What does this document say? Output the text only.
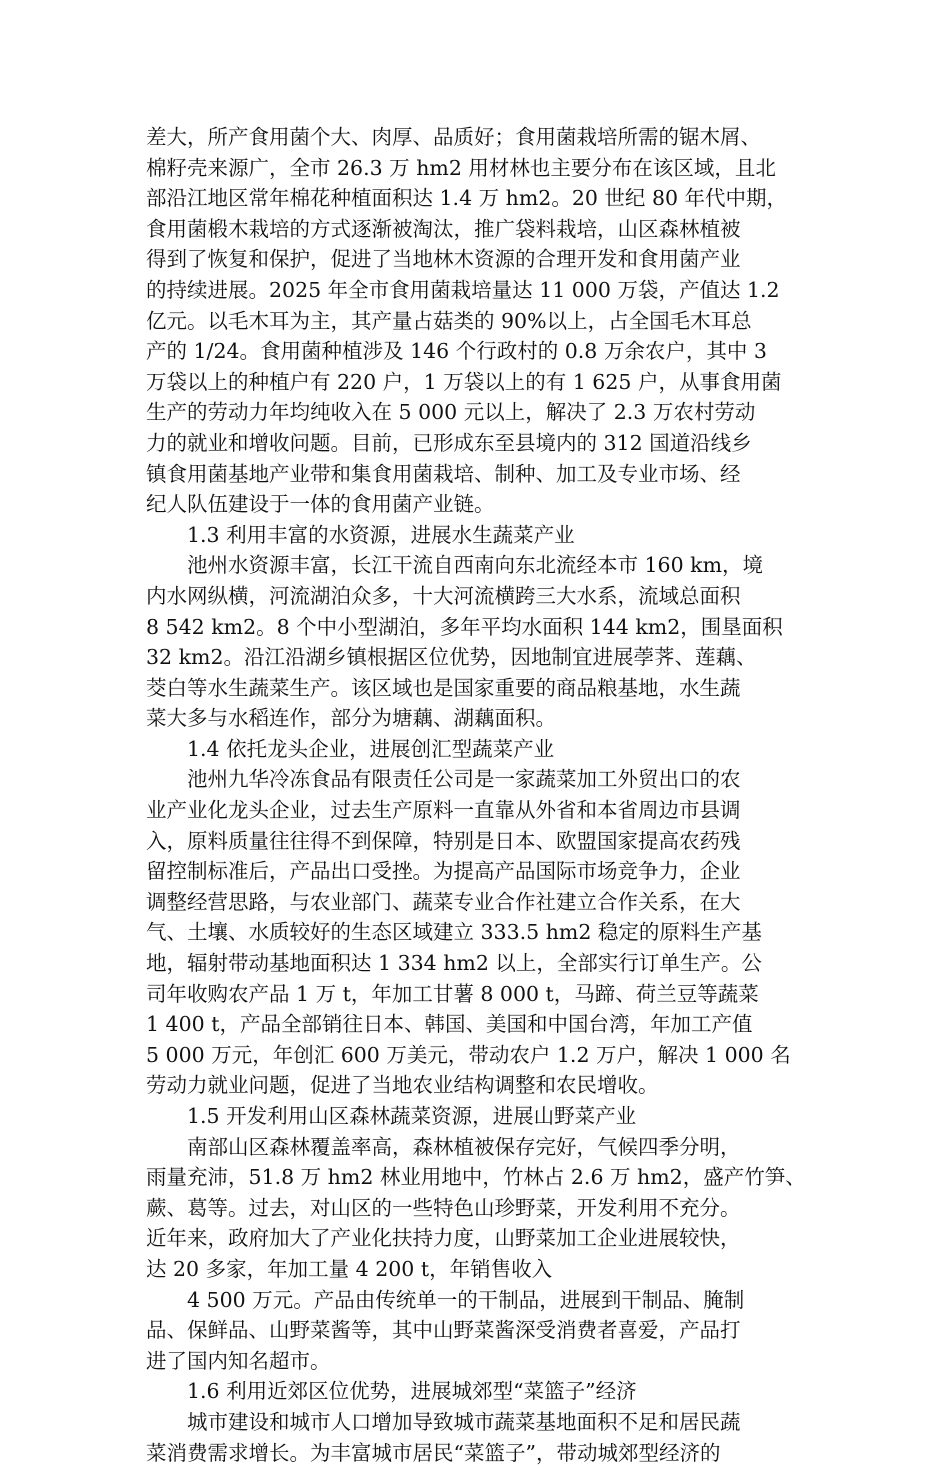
差大，所产食用菌个大、肉厚、品质好；食用菌栽培所需的锯木屑、
棉籽壳来源广，全市 26.3 万 hm2 用材林也主要分布在该区域，且北
部沿江地区常年棉花种植面积达 1.4 万 hm2。20 世纪 80 年代中期，
食用菌椴木栽培的方式逐渐被淘汰，推广袋料栽培，山区森林植被
得到了恢复和保护，促进了当地林木资源的合理开发和食用菌产业
的持续进展。2025 年全市食用菌栽培量达 11 000 万袋，产值达 1.2
亿元。以毛木耳为主，其产量占菇类的 90%以上，占全国毛木耳总
产的 1/24。食用菌种植涉及 146 个行政村的 0.8 万余农户，其中 3
万袋以上的种植户有 220 户，1 万袋以上的有 1 625 户，从事食用菌
生产的劳动力年均纯收入在 5 000 元以上，解决了 2.3 万农村劳动
力的就业和增收问题。目前，已形成东至县境内的 312 国道沿线乡
镇食用菌基地产业带和集食用菌栽培、制种、加工及专业市场、经
纪人队伍建设于一体的食用菌产业链。
1.3 利用丰富的水资源，进展水生蔬菜产业
池州水资源丰富，长江干流自西南向东北流经本市 160 km，境
内水网纵横，河流湖泊众多，十大河流横跨三大水系，流域总面积
8 542 km2。8 个中小型湖泊，多年平均水面积 144 km2，围垦面积
32 km2。沿江沿湖乡镇根据区位优势，因地制宜进展荸荠、莲藕、
茭白等水生蔬菜生产。该区域也是国家重要的商品粮基地，水生蔬
菜大多与水稻连作，部分为塘藕、湖藕面积。
1.4 依托龙头企业，进展创汇型蔬菜产业
池州九华冷冻食品有限责任公司是一家蔬菜加工外贸出口的农
业产业化龙头企业，过去生产原料一直靠从外省和本省周边市县调
入，原料质量往往得不到保障，特别是日本、欧盟国家提高农药残
留控制标准后，产品出口受挫。为提高产品国际市场竞争力，企业
调整经营思路，与农业部门、蔬菜专业合作社建立合作关系，在大
气、土壤、水质较好的生态区域建立 333.5 hm2 稳定的原料生产基
地，辐射带动基地面积达 1 334 hm2 以上，全部实行订单生产。公
司年收购农产品 1 万 t，年加工甘薯 8 000 t，马蹄、荷兰豆等蔬菜
1 400 t，产品全部销往日本、韩国、美国和中国台湾，年加工产值
5 000 万元，年创汇 600 万美元，带动农户 1.2 万户，解决 1 000 名
劳动力就业问题，促进了当地农业结构调整和农民增收。
1.5 开发利用山区森林蔬菜资源，进展山野菜产业
南部山区森林覆盖率高，森林植被保存完好，气候四季分明，
雨量充沛，51.8 万 hm2 林业用地中，竹林占 2.6 万 hm2，盛产竹笋、
蕨、葛等。过去，对山区的一些特色山珍野菜，开发利用不充分。
近年来，政府加大了产业化扶持力度，山野菜加工企业进展较快，
达 20 多家，年加工量 4 200 t，年销售收入
4 500 万元。产品由传统单一的干制品，进展到干制品、腌制
品、保鲜品、山野菜酱等，其中山野菜酱深受消费者喜爱，产品打
进了国内知名超市。
1.6 利用近郊区位优势，进展城郊型“菜篮子”经济
城市建设和城市人口增加导致城市蔬菜基地面积不足和居民蔬
菜消费需求增长。为丰富城市居民“菜篮子”，带动城郊型经济的
